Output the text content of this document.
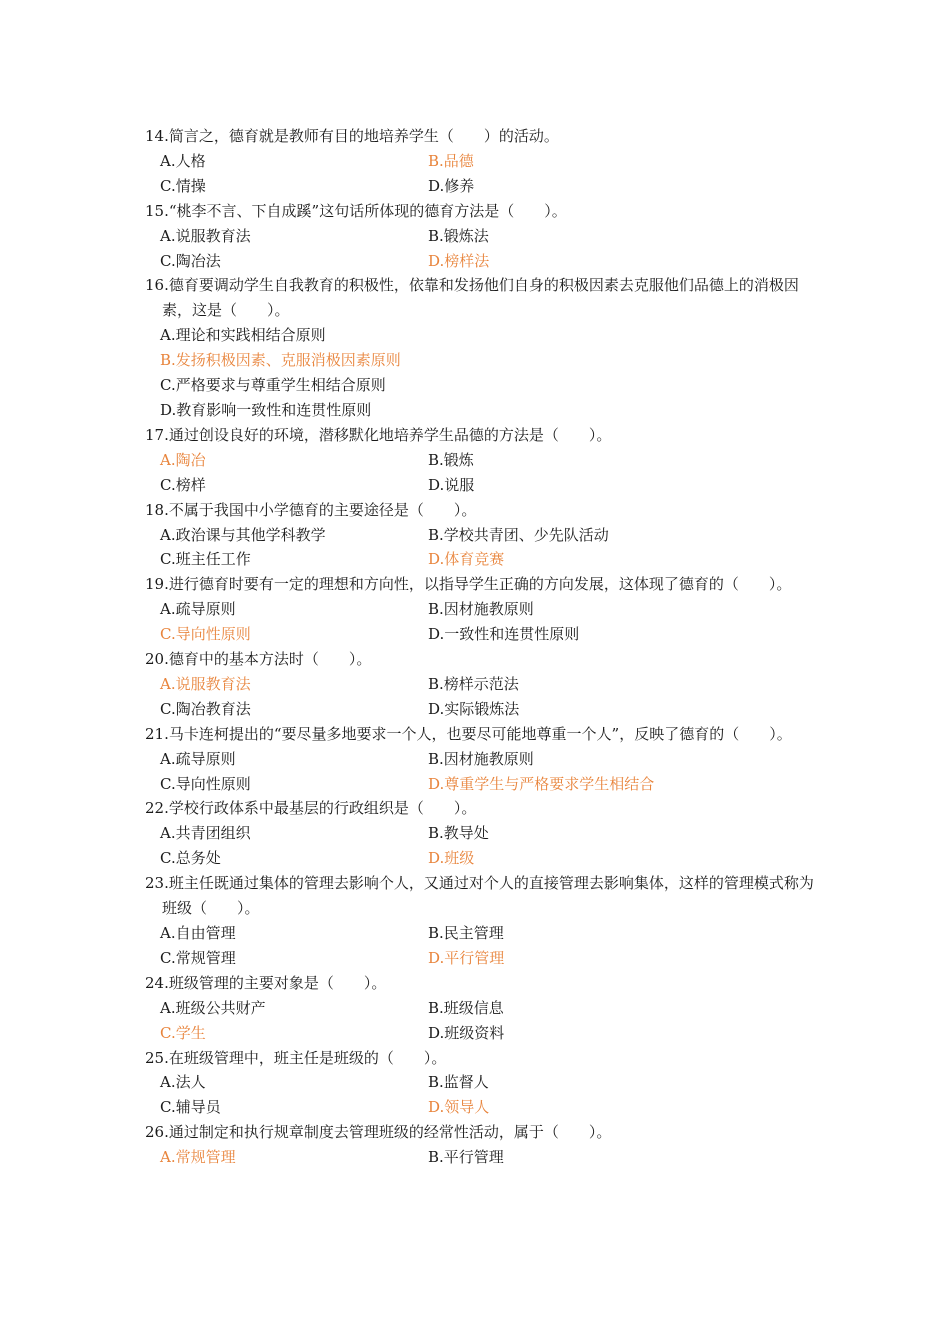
14.简言之，德育就是教师有目的地培养学生（　　）的活动。
A.人格	B.品德
C.情操	D.修养
15.“桃李不言、下自成蹊”这句话所体现的德育方法是（　　）。
A.说服教育法	B.锻炼法
C.陶冶法	D.榜样法
16.德育要调动学生自我教育的积极性，依靠和发扬他们自身的积极因素去克服他们品德上的消极因素，这是（　　）。
A.理论和实践相结合原则
B.发扬积极因素、克服消极因素原则
C.严格要求与尊重学生相结合原则
D.教育影响一致性和连贯性原则
17.通过创设良好的环境，潜移默化地培养学生品德的方法是（　　）。
A.陶冶	B.锻炼
C.榜样	D.说服
18.不属于我国中小学德育的主要途径是（　　）。
A.政治课与其他学科教学	B.学校共青团、少先队活动
C.班主任工作	D.体育竞赛
19.进行德育时要有一定的理想和方向性，以指导学生正确的方向发展，这体现了德育的（　　）。
A.疏导原则	B.因材施教原则
C.导向性原则	D.一致性和连贯性原则
20.德育中的基本方法时（　　）。
A.说服教育法	B.榜样示范法
C.陶冶教育法	D.实际锻炼法
21.马卡连柯提出的“要尽量多地要求一个人，也要尽可能地尊重一个人”，反映了德育的（　　）。
A.疏导原则	B.因材施教原则
C.导向性原则	D.尊重学生与严格要求学生相结合
22.学校行政体系中最基层的行政组织是（　　）。
A.共青团组织	B.教导处
C.总务处	D.班级
23.班主任既通过集体的管理去影响个人，又通过对个人的直接管理去影响集体，这样的管理模式称为班级（　　）。
A.自由管理	B.民主管理
C.常规管理	D.平行管理
24.班级管理的主要对象是（　　）。
A.班级公共财产	B.班级信息
C.学生	D.班级资料
25.在班级管理中，班主任是班级的（　　）。
A.法人	B.监督人
C.辅导员	D.领导人
26.通过制定和执行规章制度去管理班级的经常性活动，属于（　　）。
A.常规管理	B.平行管理
